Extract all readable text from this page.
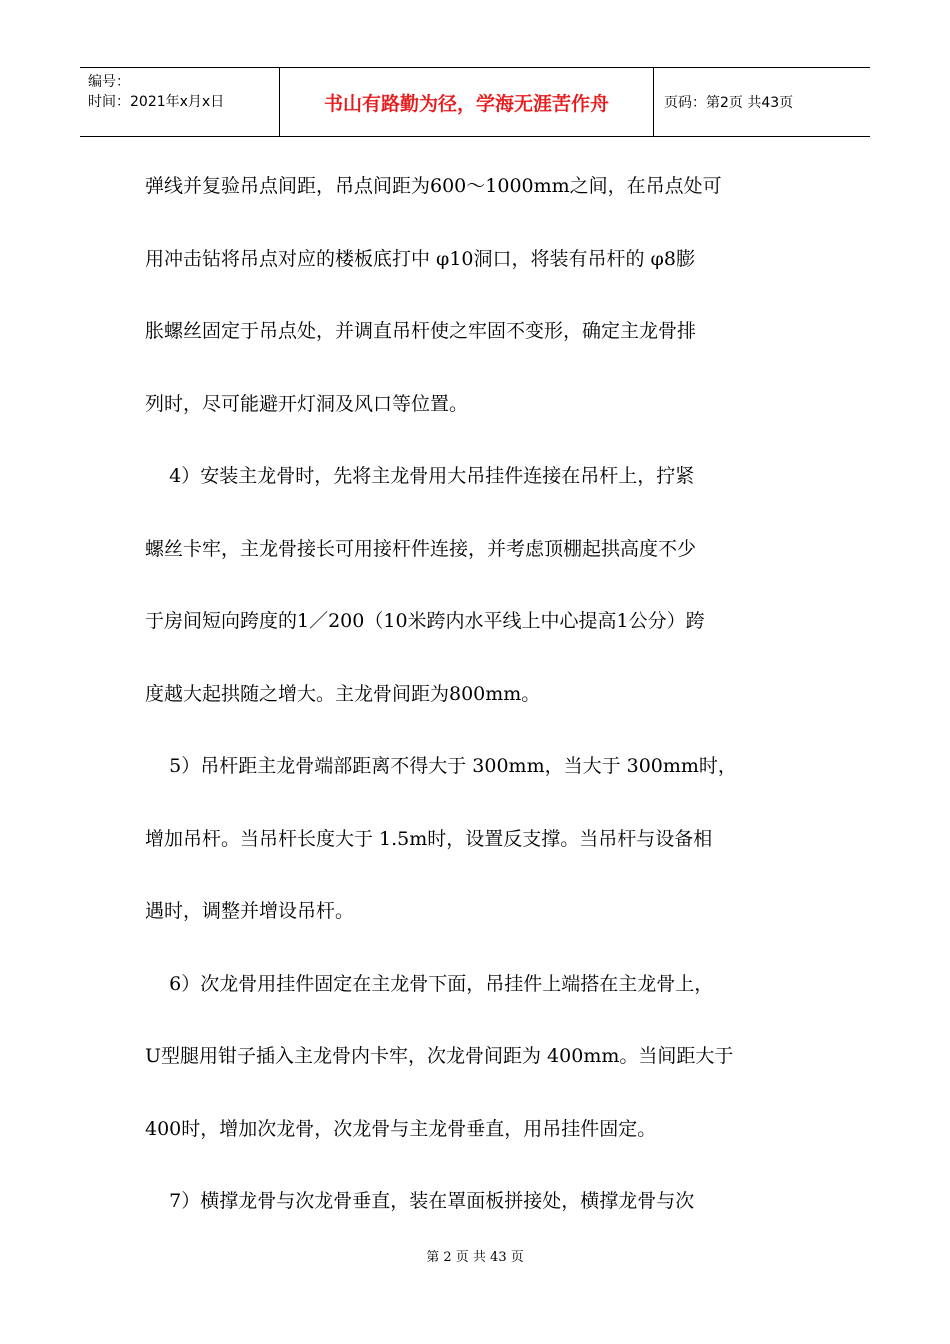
编号：
时间：2021年x月x日	书山有路勤为径，学海无涯苦作舟	页码：第2页 共43页
弹线并复验吊点间距，吊点间距为600～1000mm之间，在吊点处可
用冲击钻将吊点对应的楼板底打中 φ10洞口，将装有吊杆的 φ8膨
胀螺丝固定于吊点处，并调直吊杆使之牢固不变形，确定主龙骨排
列时，尽可能避开灯洞及风口等位置。
4）安装主龙骨时，先将主龙骨用大吊挂件连接在吊杆上，拧紧
螺丝卡牢，主龙骨接长可用接杆件连接，并考虑顶棚起拱高度不少
于房间短向跨度的1／200（10米跨内水平线上中心提高1公分）跨
度越大起拱随之增大。主龙骨间距为800mm。
5）吊杆距主龙骨端部距离不得大于 300mm，当大于 300mm时，
增加吊杆。当吊杆长度大于 1.5m时，设置反支撑。当吊杆与设备相
遇时，调整并增设吊杆。
6）次龙骨用挂件固定在主龙骨下面，吊挂件上端搭在主龙骨上，
U型腿用钳子插入主龙骨内卡牢，次龙骨间距为 400mm。当间距大于
400时，增加次龙骨，次龙骨与主龙骨垂直，用吊挂件固定。
7）横撑龙骨与次龙骨垂直，装在罩面板拼接处，横撑龙骨与次
第 2 页 共 43 页
